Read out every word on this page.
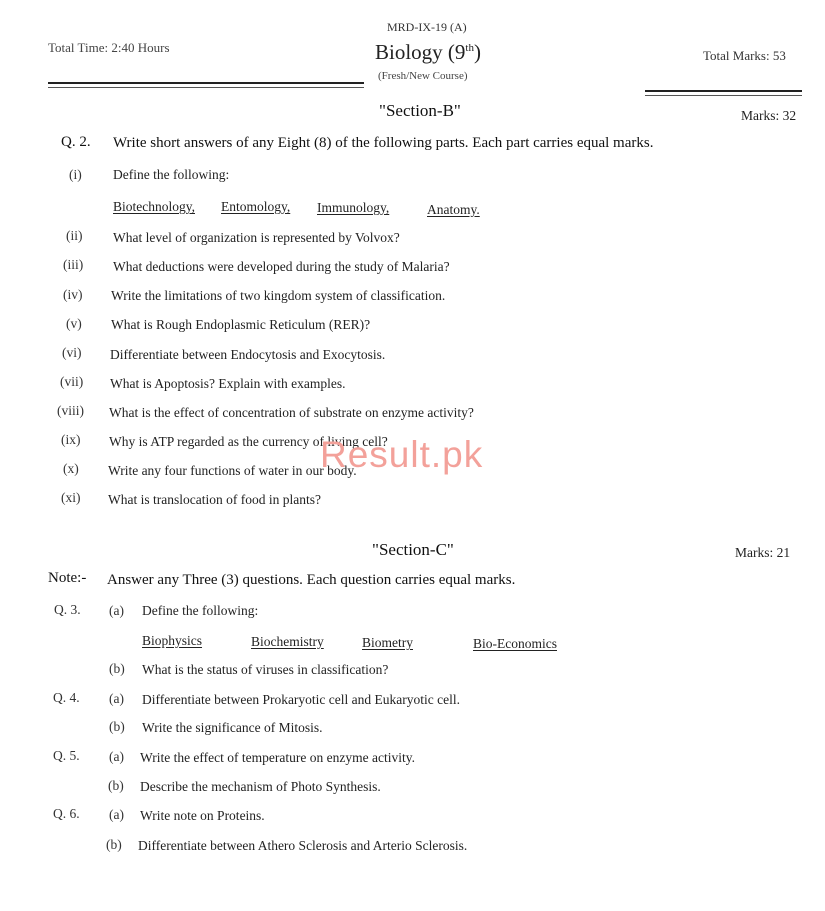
MRD-IX-19 (A)
Total Time: 2:40 Hours	Biology (9th)
(Fresh/New Course)
Total Marks: 53
"Section-B"	Marks: 32
Q. 2. Write short answers of any Eight (8) of the following parts. Each part carries equal marks.
(i) Define the following:
Biotechnology, Entomology, Immunology,	Anatomy.
(ii) What level of organization is represented by Volvox?
(iii) What deductions were developed during the study of Malaria?
(iv) Write the limitations of two kingdom system of classification.
(v) What is Rough Endoplasmic Reticulum (RER)?
(vi) Differentiate between Endocytosis and Exocytosis.
(vii) What is Apoptosis? Explain with examples.
(viii) What is the effect of concentration of substrate on enzyme activity?
(ix) Why is ATP regarded as the currency of living cell?
(x) Write any four functions of water in our body.
(xi) What is translocation of food in plants?
"Section-C"	Marks: 21
Note:- Answer any Three (3) questions. Each question carries equal marks.
Q. 3. (a) Define the following:
Biophysics	Biochemistry	Biometry	Bio-Economics
(b) What is the status of viruses in classification?
Q. 4. (a) Differentiate between Prokaryotic cell and Eukaryotic cell.
(b) Write the significance of Mitosis.
Q. 5. (a) Write the effect of temperature on enzyme activity.
(b) Describe the mechanism of Photo Synthesis.
Q. 6. (a) Write note on Proteins.
(b) Differentiate between Athero Sclerosis and Arterio Sclerosis.
Result.pk
